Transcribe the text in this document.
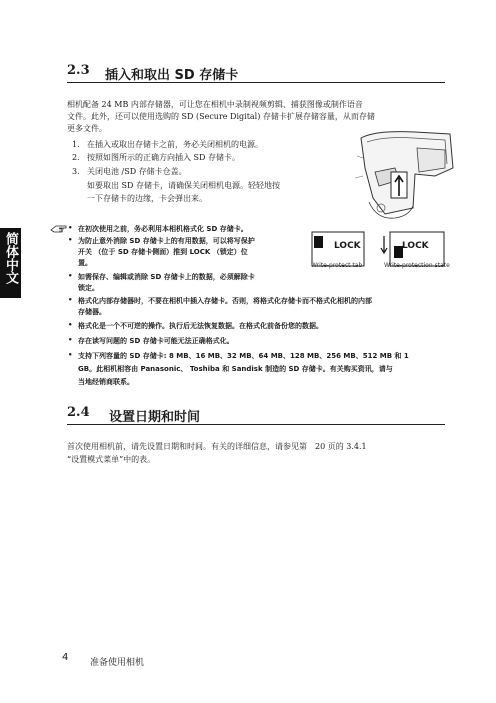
简体中文
2.3 插入和取出 SD 存储卡
相机配备 24 MB 内部存储器，可让您在相机中录制视频剪辑、捕获图像或制作语音
文件。此外，还可以使用选购的 SD (Secure Digital) 存储卡扩展存储容量，从而存储
更多文件。
1. 在插入或取出存储卡之前，务必关闭相机的电源。
2. 按照如图所示的正确方向插入 SD 存储卡。
3. 关闭电池 /SD 存储卡仓盖。
如要取出 SD 存储卡，请确保关闭相机电源。轻轻地按
一下存储卡的边缘，卡会弹出来。
• 在初次使用之前，务必利用本相机格式化 SD 存储卡。
• 为防止意外消除 SD 存储卡上的有用数据，可以将写保护
开关 （位于 SD 存储卡侧面）推到 LOCK （锁定）位
置。
• 如需保存、编辑或消除 SD 存储卡上的数据，必须解除卡
锁定。
• 格式化内部存储器时，不要在相机中插入存储卡。否则，将格式化存储卡而不格式化相机的内部
存储器。
• 格式化是一个不可逆的操作。执行后无法恢复数据。在格式化前备份您的数据。
• 存在读写问题的 SD 存储卡可能无法正确格式化。
• 支持下列容量的 SD 存储卡: 8 MB、16 MB、32 MB、64 MB、128 MB、256 MB、512 MB 和 1
GB。此相机相容由 Panasonic、 Toshiba 和 Sandisk 制造的 SD 存储卡。有关购买资讯，请与
当地经销商联系。
LOCK	LOCK
Write-protect tab	Write-protection state
2.4 设置日期和时间
首次使用相机前，请先设置日期和时间。有关的详细信息，请参见第　20 页的 3.4.1
“设置模式菜单”中的表。
4 准备使用相机
